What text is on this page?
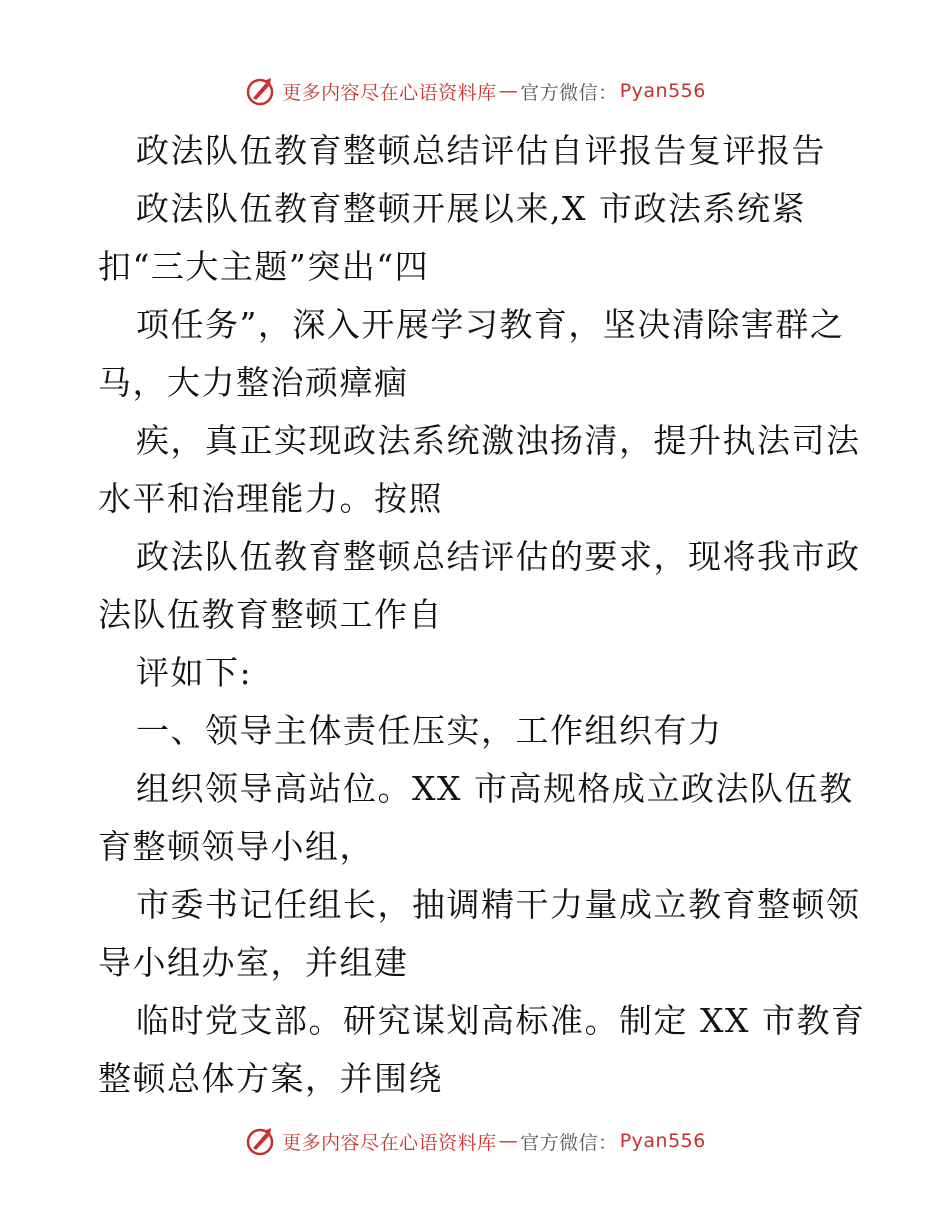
更多内容尽在心语资料库 — 官方微信： Pyan556
政法队伍教育整顿总结评估自评报告复评报告
政法队伍教育整顿开展以来,X 市政法系统紧
扣“三大主题”突出“四
项任务”，深入开展学习教育，坚决清除害群之
马，大力整治顽瘴痼
疾，真正实现政法系统激浊扬清，提升执法司法
水平和治理能力。按照
政法队伍教育整顿总结评估的要求，现将我市政
法队伍教育整顿工作自
评如下:
一、领导主体责任压实，工作组织有力
组织领导高站位。XX 市高规格成立政法队伍教
育整顿领导小组，
市委书记任组长，抽调精干力量成立教育整顿领
导小组办室，并组建
临时党支部。研究谋划高标准。制定 XX 市教育
整顿总体方案，并围绕
更多内容尽在心语资料库 — 官方微信： Pyan556
